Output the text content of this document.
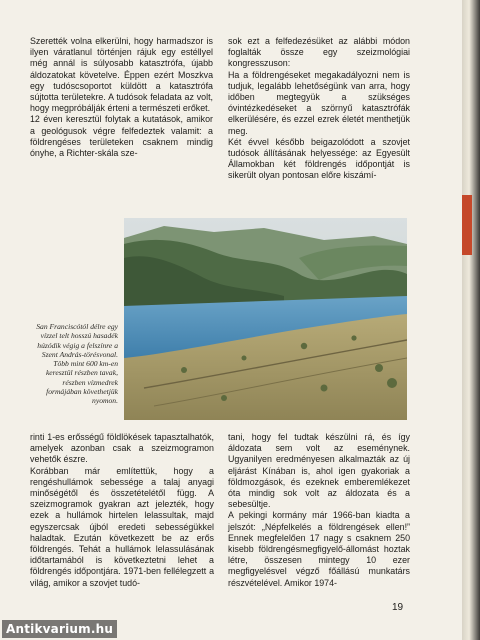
Szerették volna elkerülni, hogy harmadszor is ilyen váratlanul történjen rájuk egy estéllyel még annál is súlyosabb katasztrófa, újabb áldozatokat követelve. Éppen ezért Moszkva egy tudóscsoportot küldött a katasztrófa sújtotta területekre. A tudósok feladata az volt, hogy megpróbálják érteni a természeti erőket.

12 éven keresztül folytak a kutatások, amikor a geológusok végre felfedeztek valamit: a földrengéses területeken csaknem mindig ónyhe, a Richter-skála sze-

sok ezt a felfedezésüket az alábbi módon foglalták össze egy szeizmológiai kongresszuson:

Ha a földrengéseket megakadályozni nem is tudjuk, legalább lehetőségünk van arra, hogy időben megtegyük a szükséges óvintézkedéseket a szörnyű katasztrófák elkerülésére, és ezzel ezrek életét menthetjük meg.

Két évvel később beigazolódott a szovjet tudósok állításának helyessége: az Egyesült Államokban két földrengés időpontját is sikerült olyan pontosan előre kiszámí-

San Franciscótól délre egy vízzel telt hosszú hasadék húzódik végig a felszínre a Szent András-törésvonal. Több mint 600 km-en keresztül részben tavak, részben vízmedrek formájában követhetjük nyomon.

rinti 1-es erősségű földlökések tapasztalhatók, amelyek azonban csak a szeizmogramon vehetők észre.

Korábban már említettük, hogy a rengéshullámok sebessége a talaj anyagi minőségétől és összetételétől függ. A szeizmogramok gyakran azt jelezték, hogy ezek a hullámok hirtelen lelassultak, majd egyszercsak újból eredeti sebességükkel haladtak. Ezután következett be az erős földrengés. Tehát a hullámok lelassulásának időtartamából is következtetni lehet a földrengés időpontjára. 1971-ben fellélegzett a világ, amikor a szovjet tudó-

tani, hogy fel tudtak készülni rá, és így áldozata sem volt az eseménynek. Ugyanilyen eredményesen alkalmazták az új eljárást Kínában is, ahol igen gyakoriak a földmozgások, és ezeknek emberemlékezet óta mindig sok volt az áldozata és a sebesültje.

A pekingi kormány már 1966-ban kiadta a jelszót: „Népfelkelés a földrengések ellen!” Ennek megfelelően 17 nagy s csaknem 250 kisebb földrengésmegfigyelő-állomást hoztak létre, összesen mintegy 10 ezer megfigyelésvel végző főállású munkatárs részvételével. Amikor 1974-

19
Antikvarium.hu
